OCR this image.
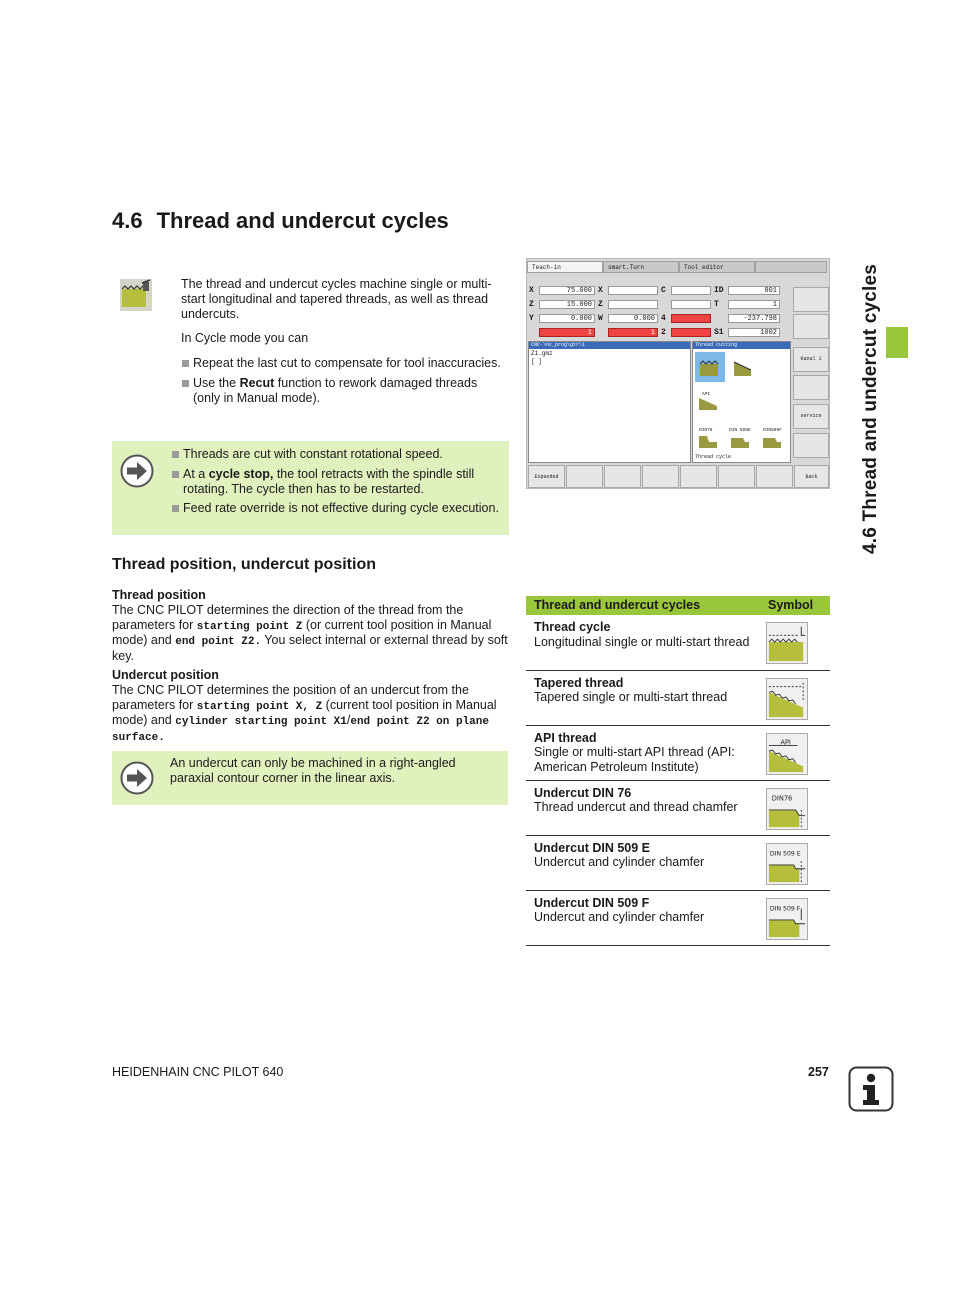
4.6 Thread and undercut cycles
4.6 Thread and undercut cycles

The thread and undercut cycles machine single or multi-start longitudinal and tapered threads, as well as thread undercuts.

In Cycle mode you can

Repeat the last cut to compensate for tool inaccuracies.
Use the Recut function to rework damaged threads (only in Manual mode).
Threads are cut with constant rotational speed.
At a cycle stop, the tool retracts with the spindle still rotating. The cycle then has to be restarted.
Feed rate override is not effective during cycle execution.
Thread position, undercut position
Thread position
The CNC PILOT determines the direction of the thread from the parameters for starting point Z (or current tool position in Manual mode) and end point Z2. You select internal or external thread by soft key.
Undercut position
The CNC PILOT determines the position of an undercut from the parameters for starting point X, Z (current tool position in Manual mode) and cylinder starting point X1/end point Z2 on plane surface.
An undercut can only be machined in a right-angled paraxial contour corner in the linear axis.
Teach-in	smart.Turn	Tool editor
X	75.000 X	C	ID	001
Z	15.000 Z	T	1
Y	0.000 W	0.000 4	-237.798
1	1 2	S1	1002
CNC-\nc_prog\gtr\1
Z1.gmz
[ ]
Thread cutting
API
DIN76	DIN 509E	DIN509F
Thread cycle
Kanal 1
service
Expanded	Back
Thread and undercut cycles	Symbol

Thread cycle
Longitudinal single or multi-start thread

Tapered thread
Tapered single or multi-start thread

API thread
Single or multi-start API thread (API: American Petroleum Institute)	API

Undercut DIN 76
Thread undercut and thread chamfer	DIN76

Undercut DIN 509 E
Undercut and cylinder chamfer	DIN 509 E

Undercut DIN 509 F
Undercut and cylinder chamfer	DIN 509 F
HEIDENHAIN CNC PILOT 640	257
